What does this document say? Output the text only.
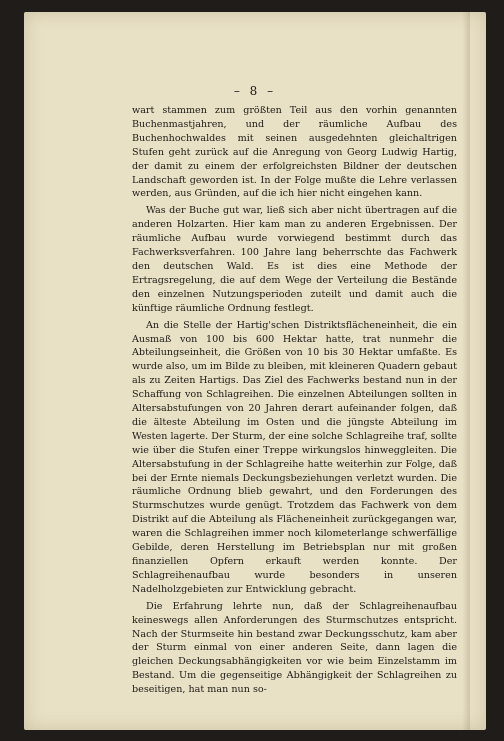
– 8 –

wart stammen zum größten Teil aus den vorhin genannten Buchenmastjahren, und der räumliche Aufbau des Buchenhochwaldes mit seinen ausgedehnten gleichaltrigen Stufen geht zurück auf die Anregung von Georg Ludwig Hartig, der damit zu einem der erfolgreichsten Bildner der deutschen Landschaft geworden ist. In der Folge mußte die Lehre verlassen werden, aus Gründen, auf die ich hier nicht eingehen kann.

Was der Buche gut war, ließ sich aber nicht übertragen auf die anderen Holzarten. Hier kam man zu anderen Ergebnissen. Der räumliche Aufbau wurde vorwiegend bestimmt durch das Fachwerksverfahren. 100 Jahre lang beherrschte das Fachwerk den deutschen Wald. Es ist dies eine Methode der Ertragsregelung, die auf dem Wege der Verteilung die Bestände den einzelnen Nutzungsperioden zuteilt und damit auch die künftige räumliche Ordnung festlegt.

An die Stelle der Hartig'schen Distriktsflächeneinheit, die ein Ausmaß von 100 bis 600 Hektar hatte, trat nunmehr die Abteilungseinheit, die Größen von 10 bis 30 Hektar umfaßte. Es wurde also, um im Bilde zu bleiben, mit kleineren Quadern gebaut als zu Zeiten Hartigs. Das Ziel des Fachwerks bestand nun in der Schaffung von Schlagreihen. Die einzelnen Abteilungen sollten in Altersabstufungen von 20 Jahren derart aufeinander folgen, daß die älteste Abteilung im Osten und die jüngste Abteilung im Westen lagerte. Der Sturm, der eine solche Schlagreihe traf, sollte wie über die Stufen einer Treppe wirkungslos hinweggleiten. Die Altersabstufung in der Schlagreihe hatte weiterhin zur Folge, daß bei der Ernte niemals Deckungsbeziehungen verletzt wurden. Die räumliche Ordnung blieb gewahrt, und den Forderungen des Sturmschutzes wurde genügt. Trotzdem das Fachwerk von dem Distrikt auf die Abteilung als Flächeneinheit zurückgegangen war, waren die Schlagreihen immer noch kilometerlange schwerfällige Gebilde, deren Herstellung im Betriebsplan nur mit großen finanziellen Opfern erkauft werden konnte. Der Schlagreihenaufbau wurde besonders in unseren Nadelholzgebieten zur Entwicklung gebracht.

Die Erfahrung lehrte nun, daß der Schlagreihenaufbau keineswegs allen Anforderungen des Sturmschutzes entspricht. Nach der Sturmseite hin bestand zwar Deckungsschutz, kam aber der Sturm einmal von einer anderen Seite, dann lagen die gleichen Deckungsabhängigkeiten vor wie beim Einzelstamm im Bestand. Um die gegenseitige Abhängigkeit der Schlagreihen zu beseitigen, hat man nun so-
